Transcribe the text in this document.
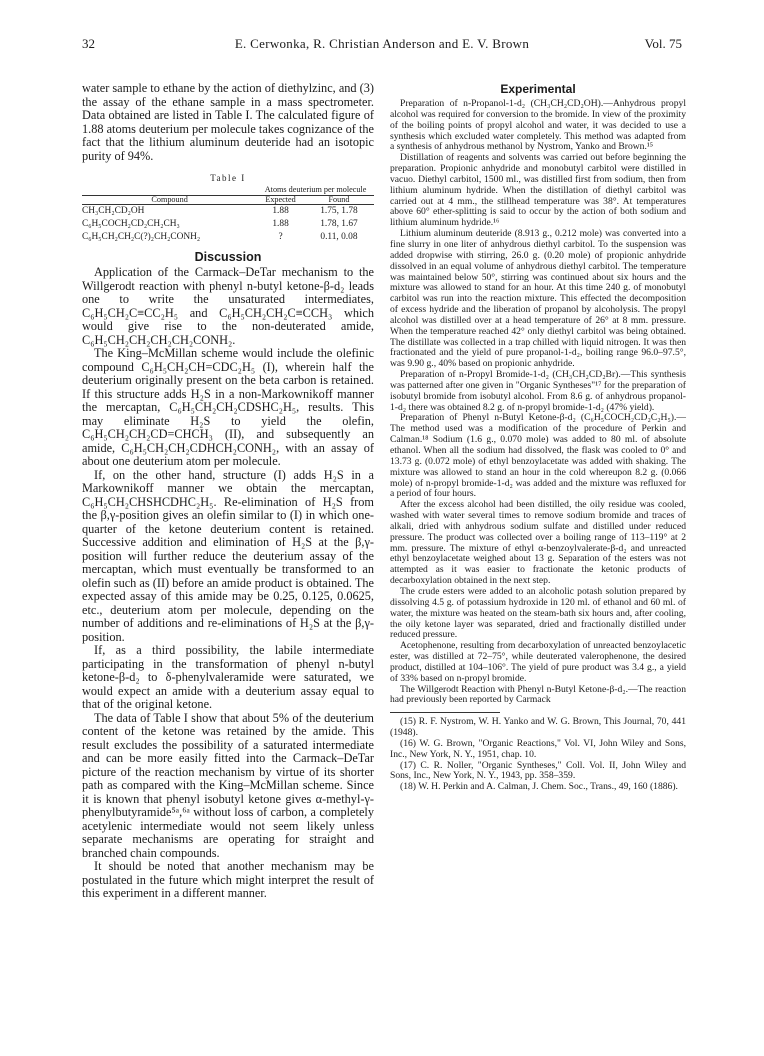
32	E. Cerwonka, R. Christian Anderson and E. V. Brown	Vol. 75

water sample to ethane by the action of diethylzinc, and (3) the assay of the ethane sample in a mass spectrometer. Data obtained are listed in Table I. The calculated figure of 1.88 atoms deuterium per molecule takes cognizance of the fact that the lithium aluminum deuteride had an isotopic purity of 94%.

Table I
	Atoms deuterium per molecule	
Compound	Expected	Found
CH₃CH₂CD₂OH	1.88	1.75, 1.78
C₆H₅COCH₂CD₂CH₂CH₃	1.88	1.78, 1.67
C₆H₅CH₂CH₂C(?)₂CH₂CONH₂	?	0.11, 0.08
Discussion

Application of the Carmack–DeTar mechanism to the Willgerodt reaction with phenyl n-butyl ketone-β-d₂ leads one to write the unsaturated intermediates, C₆H₅CH₂C≡CC₂H₅ and C₆H₅CH₂CH₂C≡CCH₃ which would give rise to the non-deuterated amide, C₆H₅CH₂CH₂CH₂CH₂CONH₂.

The King–McMillan scheme would include the olefinic compound C₆H₅CH₂CH=CDC₂H₅ (I), wherein half the deuterium originally present on the beta carbon is retained. If this structure adds H₂S in a non-Markownikoff manner the mercaptan, C₆H₅CH₂CH₂CDSHC₂H₅, results. This may eliminate H₂S to yield the olefin, C₆H₅CH₂CH₂CD=CHCH₃ (II), and subsequently an amide, C₆H₅CH₂CH₂CDHCH₂CONH₂, with an assay of about one deuterium atom per molecule.

If, on the other hand, structure (I) adds H₂S in a Markownikoff manner we obtain the mercaptan, C₆H₅CH₂CHSHCDHC₂H₅. Re-elimination of H₂S from the β,γ-position gives an olefin similar to (I) in which one-quarter of the ketone deuterium content is retained. Successive addition and elimination of H₂S at the β,γ-position will further reduce the deuterium assay of the mercaptan, which must eventually be transformed to an olefin such as (II) before an amide product is obtained. The expected assay of this amide may be 0.25, 0.125, 0.0625, etc., deuterium atom per molecule, depending on the number of additions and re-eliminations of H₂S at the β,γ-position.

If, as a third possibility, the labile intermediate participating in the transformation of phenyl n-butyl ketone-β-d₂ to δ-phenylvaleramide were saturated, we would expect an amide with a deuterium assay equal to that of the original ketone.

The data of Table I show that about 5% of the deuterium content of the ketone was retained by the amide. This result excludes the possibility of a saturated intermediate and can be more easily fitted into the Carmack–DeTar picture of the reaction mechanism by virtue of its shorter path as compared with the King–McMillan scheme. Since it is known that phenyl isobutyl ketone gives α-methyl-γ-phenylbutyramide⁵ᵃ,⁶ᵃ without loss of carbon, a completely acetylenic intermediate would not seem likely unless separate mechanisms are operating for straight and branched chain compounds.

It should be noted that another mechanism may be postulated in the future which might interpret the result of this experiment in a different manner.

Experimental

Preparation of n-Propanol-1-d₂ (CH₃CH₂CD₂OH).—Anhydrous propyl alcohol was required for conversion to the bromide. In view of the proximity of the boiling points of propyl alcohol and water, it was decided to use a synthesis which excluded water completely. This method was adapted from a synthesis of anhydrous methanol by Nystrom, Yanko and Brown.¹⁵

Distillation of reagents and solvents was carried out before beginning the preparation. Propionic anhydride and monobutyl carbitol were distilled in vacuo. Diethyl carbitol, 1500 ml., was distilled first from sodium, then from lithium aluminum hydride. When the distillation of diethyl carbitol was carried out at 4 mm., the stillhead temperature was 38°. At temperatures above 60° ether-splitting is said to occur by the action of both sodium and lithium aluminum hydride.¹⁶

Lithium aluminum deuteride (8.913 g., 0.212 mole) was converted into a fine slurry in one liter of anhydrous diethyl carbitol. To the suspension was added dropwise with stirring, 26.0 g. (0.20 mole) of propionic anhydride dissolved in an equal volume of anhydrous diethyl carbitol. The temperature was maintained below 50°, stirring was continued about six hours and the mixture was allowed to stand for an hour. At this time 240 g. of monobutyl carbitol was run into the reaction mixture. This effected the decomposition of excess hydride and the liberation of propanol by alcoholysis. The propyl alcohol was distilled over at a head temperature of 26° at 8 mm. pressure. When the temperature reached 42° only diethyl carbitol was being obtained. The distillate was collected in a trap chilled with liquid nitrogen. It was then fractionated and the yield of pure propanol-1-d₂, boiling range 96.0–97.5°, was 9.90 g., 40% based on propionic anhydride.

Preparation of n-Propyl Bromide-1-d₂ (CH₃CH₂CD₂Br).—This synthesis was patterned after one given in "Organic Syntheses"¹⁷ for the preparation of isobutyl bromide from isobutyl alcohol. From 8.6 g. of anhydrous propanol-1-d₂ there was obtained 8.2 g. of n-propyl bromide-1-d₂ (47% yield).

Preparation of Phenyl n-Butyl Ketone-β-d₂ (C₆H₅COCH₂CD₂C₂H₅).—The method used was a modification of the procedure of Perkin and Calman.¹⁸ Sodium (1.6 g., 0.070 mole) was added to 80 ml. of absolute ethanol. When all the sodium had dissolved, the flask was cooled to 0° and 13.73 g. (0.072 mole) of ethyl benzoylacetate was added with shaking. The mixture was allowed to stand an hour in the cold whereupon 8.2 g. (0.066 mole) of n-propyl bromide-1-d₂ was added and the mixture was refluxed for a period of four hours.

After the excess alcohol had been distilled, the oily residue was cooled, washed with water several times to remove sodium bromide and traces of alkali, dried with anhydrous sodium sulfate and distilled under reduced pressure. The product was collected over a boiling range of 113–119° at 2 mm. pressure. The mixture of ethyl α-benzoylvalerate-β-d₂ and unreacted ethyl benzoylacetate weighed about 13 g. Separation of the esters was not attempted as it was easier to fractionate the ketonic products of decarboxylation obtained in the next step.

The crude esters were added to an alcoholic potash solution prepared by dissolving 4.5 g. of potassium hydroxide in 120 ml. of ethanol and 60 ml. of water, the mixture was heated on the steam-bath six hours and, after cooling, the oily ketone layer was separated, dried and fractionally distilled under reduced pressure.

Acetophenone, resulting from decarboxylation of unreacted benzoylacetic ester, was distilled at 72–75°, while deuterated valerophenone, the desired product, distilled at 104–106°. The yield of pure product was 3.4 g., a yield of 33% based on n-propyl bromide.

The Willgerodt Reaction with Phenyl n-Butyl Ketone-β-d₂.—The reaction had previously been reported by Carmack

(15) R. F. Nystrom, W. H. Yanko and W. G. Brown, This Journal, 70, 441 (1948).

(16) W. G. Brown, "Organic Reactions," Vol. VI, John Wiley and Sons, Inc., New York, N. Y., 1951, chap. 10.

(17) C. R. Noller, "Organic Syntheses," Coll. Vol. II, John Wiley and Sons, Inc., New York, N. Y., 1943, pp. 358–359.

(18) W. H. Perkin and A. Calman, J. Chem. Soc., Trans., 49, 160 (1886).
